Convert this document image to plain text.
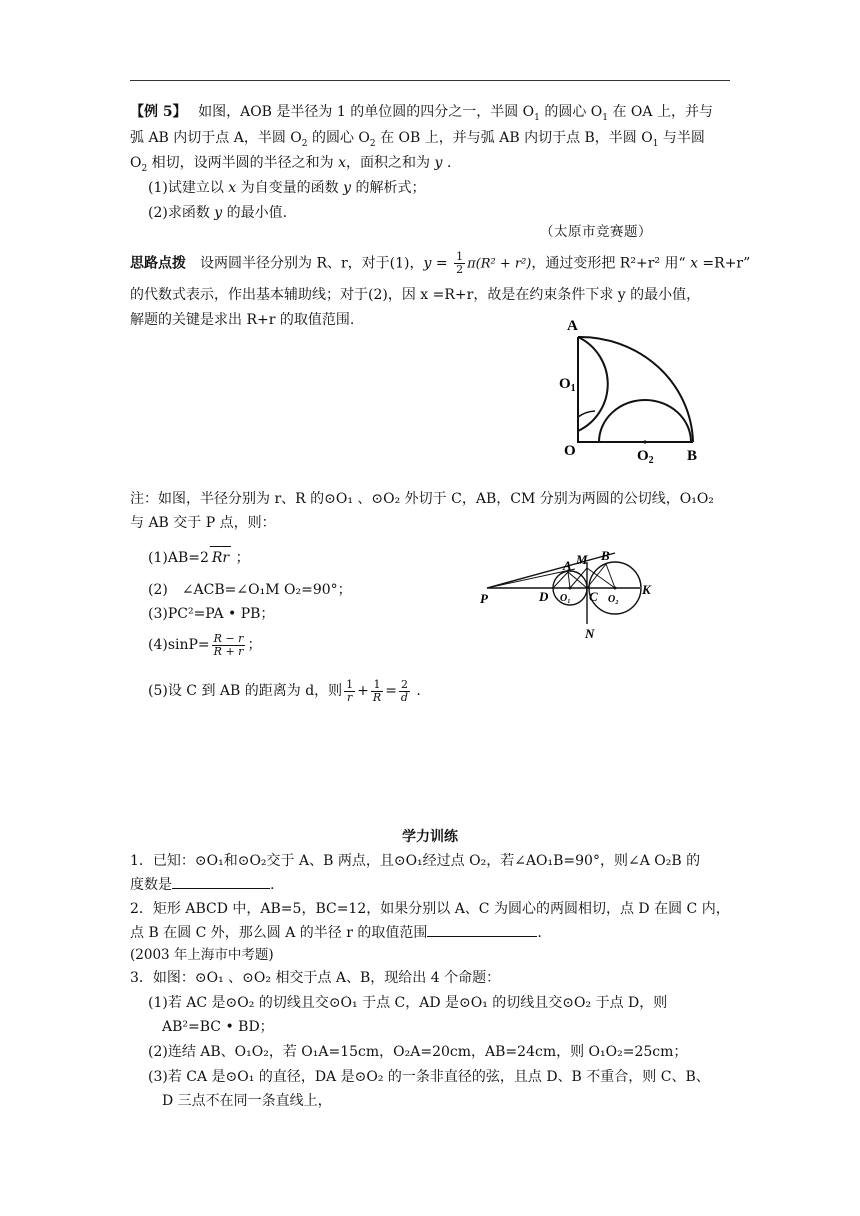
【例 5】　 如图，AOB 是半径为 1 的单位圆的四分之一，半圆 $O_1$ 的圆心 $O_1$ 在 OA 上，并与
弧 AB 内切于点 A，半圆 $O_2$ 的圆心 $O_2$ 在 OB 上，并与弧 AB 内切于点 B，半圆 $O_1$ 与半圆
$O_2$ 相切，设两半圆的半径之和为 x，面积之和为 y .
(1)试建立以 x 为自变量的函数 y 的解析式；
(2)求函数 y 的最小值.
（太原市竞赛题）
思路点拨　设两圆半径分别为 R、r，对于(1)，$y = \frac{1}{2} \pi(R^2 + r^2)$，通过变形把 R²+r² 用“ x =R+r”
的代数式表示，作出基本辅助线；对于(2)，因 x =R+r，故是在约束条件下求 y 的最小值，
解题的关键是求出 R+r 的取值范围.	A
$O_1$
O	$O_2$ B
注：如图，半径分别为 r、R 的⊙O₁ 、⊙O₂ 外切于 C，AB，CM 分别为两圆的公切线，O₁O₂
与 AB 交于 P 点，则：
(1)AB=2 Rr ；
(2)　∠ACB=∠O₁M O₂=90°；
(3)PC²=PA • PB；
$(4)\sin P= \frac{R - r}{R + r}$ ；
(5)设 C 到 AB 的距离为 d，则 $\frac{1}{r} + \frac{1}{R} = \frac{2}{d}$ .
A M B
P	D O₁ C O₂
K
N
学力训练
1．已知：⊙O₁和⊙O₂交于 A、B 两点，且⊙O₁经过点 O₂，若∠AO₁B=90°，则∠A O₂B 的
度数是	.
2．矩形 ABCD 中，AB=5，BC=12，如果分别以 A、C 为圆心的两圆相切，点 D 在圆 C 内，
点 B 在圆 C 外，那么圆 A 的半径 r 的取值范围	.
(2003 年上海市中考题)
3．如图：⊙O₁ 、⊙O₂ 相交于点 A、B，现给出 4 个命题：
(1)若 AC 是⊙O₂ 的切线且交⊙O₁ 于点 C，AD 是⊙O₁ 的切线且交⊙O₂ 于点 D，则
AB²=BC • BD；
(2)连结 AB、O₁O₂，若 O₁A=15cm，O₂A=20cm，AB=24cm，则 O₁O₂=25cm；
(3)若 CA 是⊙O₁ 的直径，DA 是⊙O₂ 的一条非直径的弦，且点 D、B 不重合，则 C、B、
D 三点不在同一条直线上，
